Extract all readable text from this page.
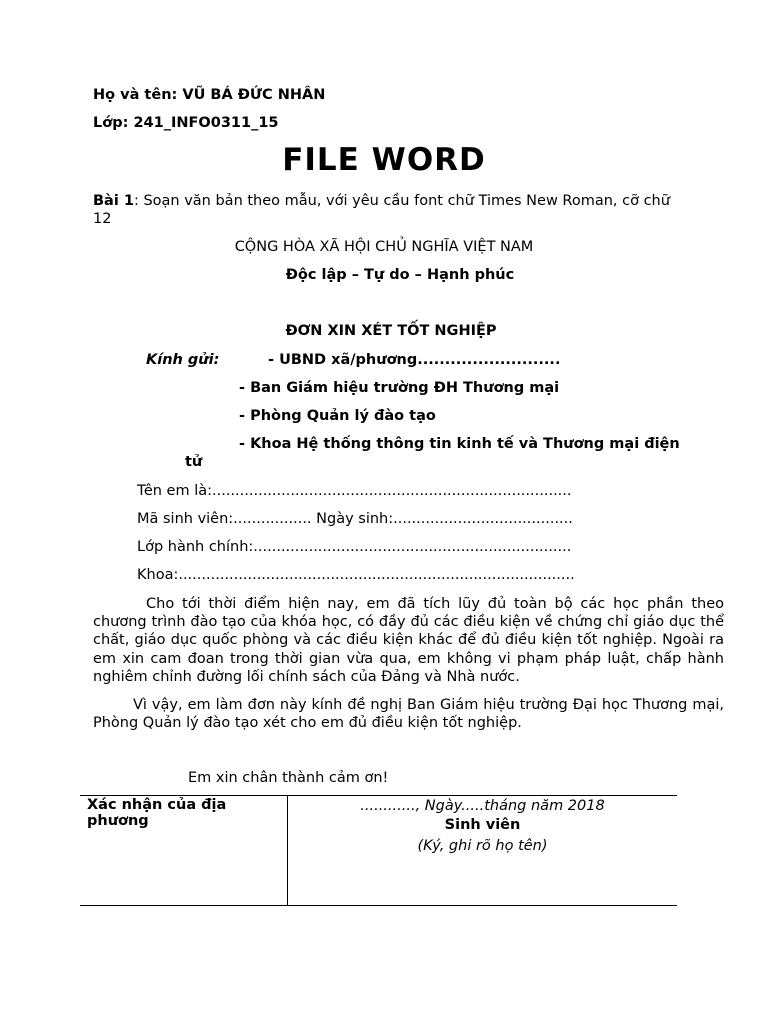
Họ và tên: VŨ BÁ ĐỨC NHÂN
Lớp: 241_INFO0311_15
FILE WORD
Bài 1: Soạn văn bản theo mẫu, với yêu cầu font chữ Times New Roman, cỡ chữ
12
CỘNG HÒA XÃ HỘI CHỦ NGHĨA VIỆT NAM
Độc lập – Tự do – Hạnh phúc
ĐƠN XIN XÉT TỐT NGHIỆP
Kính gửi:	- UBND xã/phương..........................
- Ban Giám hiệu trường ĐH Thương mại
- Phòng Quản lý đào tạo
- Khoa Hệ thống thông tin kinh tế và Thương mại điện
tử
Tên em là:..............................................................................
Mã sinh viên:................. Ngày sinh:.......................................
Lớp hành chính:.....................................................................
Khoa:......................................................................................
Cho tới thời điểm hiện nay, em đã tích lũy đủ toàn bộ các học phần theo chương trình đào tạo của khóa học, có đầy đủ các điều kiện về chứng chỉ giáo dục thể chất, giáo dục quốc phòng và các điều kiện khác để đủ điều kiện tốt nghiệp. Ngoài ra em xin cam đoan trong thời gian vừa qua, em không vi phạm pháp luật, chấp hành nghiêm chỉnh đường lối chính sách của Đảng và Nhà nước.
Vì vậy, em làm đơn này kính đề nghị Ban Giám hiệu trường Đại học Thương mại, Phòng Quản lý đào tạo xét cho em đủ điều kiện tốt nghiệp.
Em xin chân thành cảm ơn!
Xác nhận của địa phương
............, Ngày.....tháng năm 2018
Sinh viên
(Ký, ghi rõ họ tên)
